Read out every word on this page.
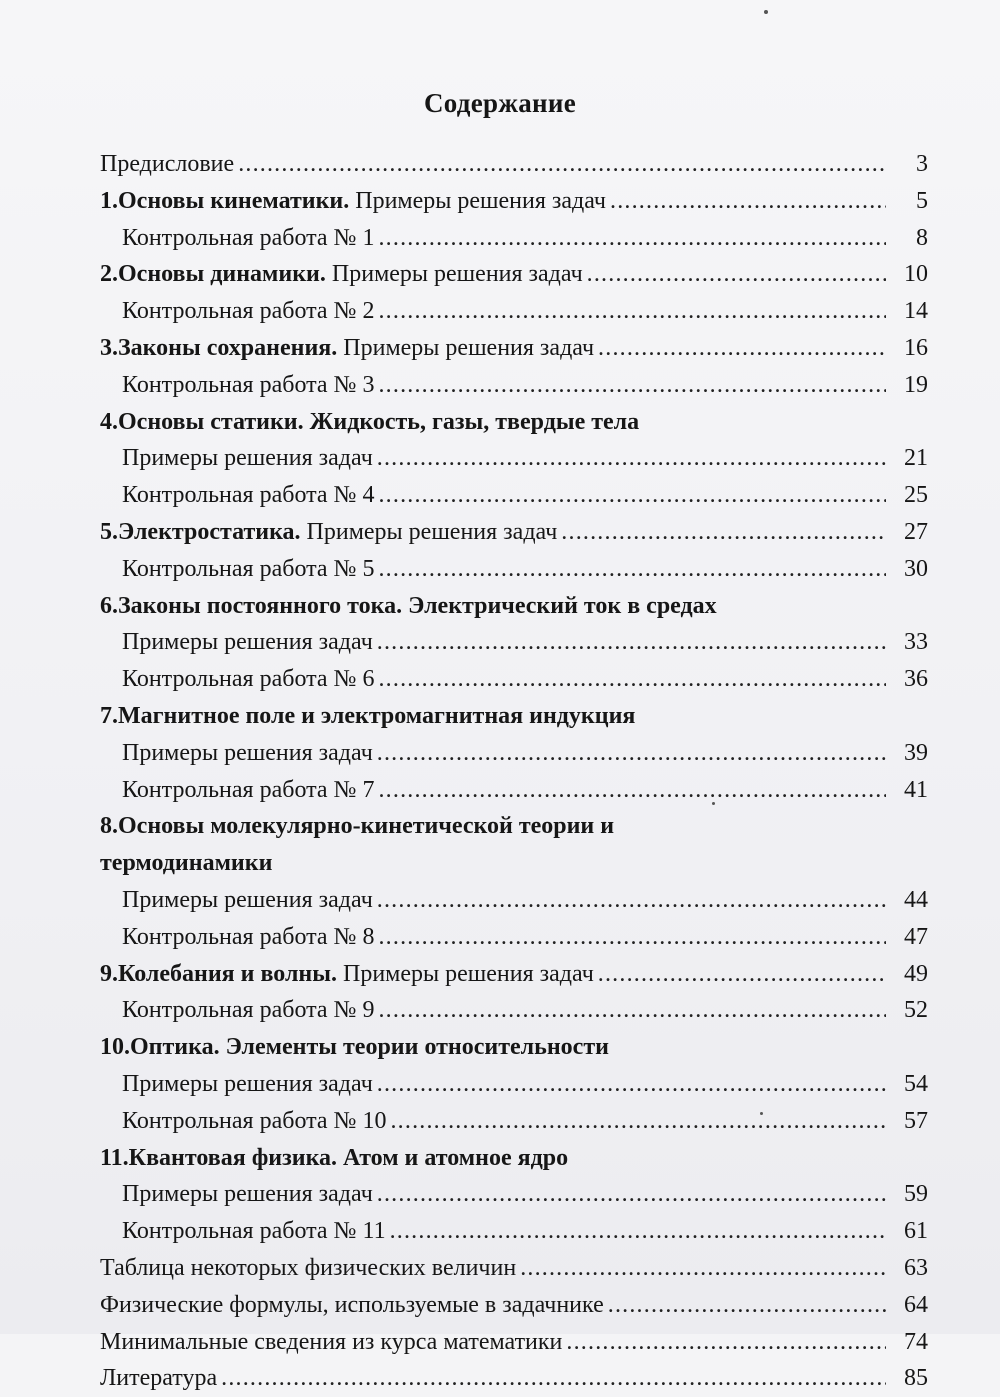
Содержание
Предисловие .....	3
1.Основы кинематики. Примеры решения задач .....	5
Контрольная работа № 1 .....	8
2.Основы динамики. Примеры решения задач .....	10
Контрольная работа № 2 .....	14
3.Законы сохранения. Примеры решения задач .....	16
Контрольная работа № 3 .....	19
4.Основы статики. Жидкость, газы, твердые тела
Примеры решения задач .....	21
Контрольная работа № 4 .....	25
5.Электростатика. Примеры решения задач .....	27
Контрольная работа № 5 .....	30
6.Законы постоянного тока. Электрический ток в средах
Примеры решения задач .....	33
Контрольная работа № 6 .....	36
7.Магнитное поле и электромагнитная индукция
Примеры решения задач .....	39
Контрольная работа № 7 .....	41
8.Основы молекулярно-кинетической теории и
термодинамики
Примеры решения задач .....	44
Контрольная работа № 8 .....	47
9.Колебания и волны. Примеры решения задач .....	49
Контрольная работа № 9 .....	52
10.Оптика. Элементы теории относительности
Примеры решения задач .....	54
Контрольная работа № 10 .....	57
11.Квантовая физика. Атом и атомное ядро
Примеры решения задач .....	59
Контрольная работа № 11 .....	61
Таблица некоторых физических величин .....	63
Физические формулы, используемые в задачнике .....	64
Минимальные сведения из курса математики .....	74
Литература .....	85
